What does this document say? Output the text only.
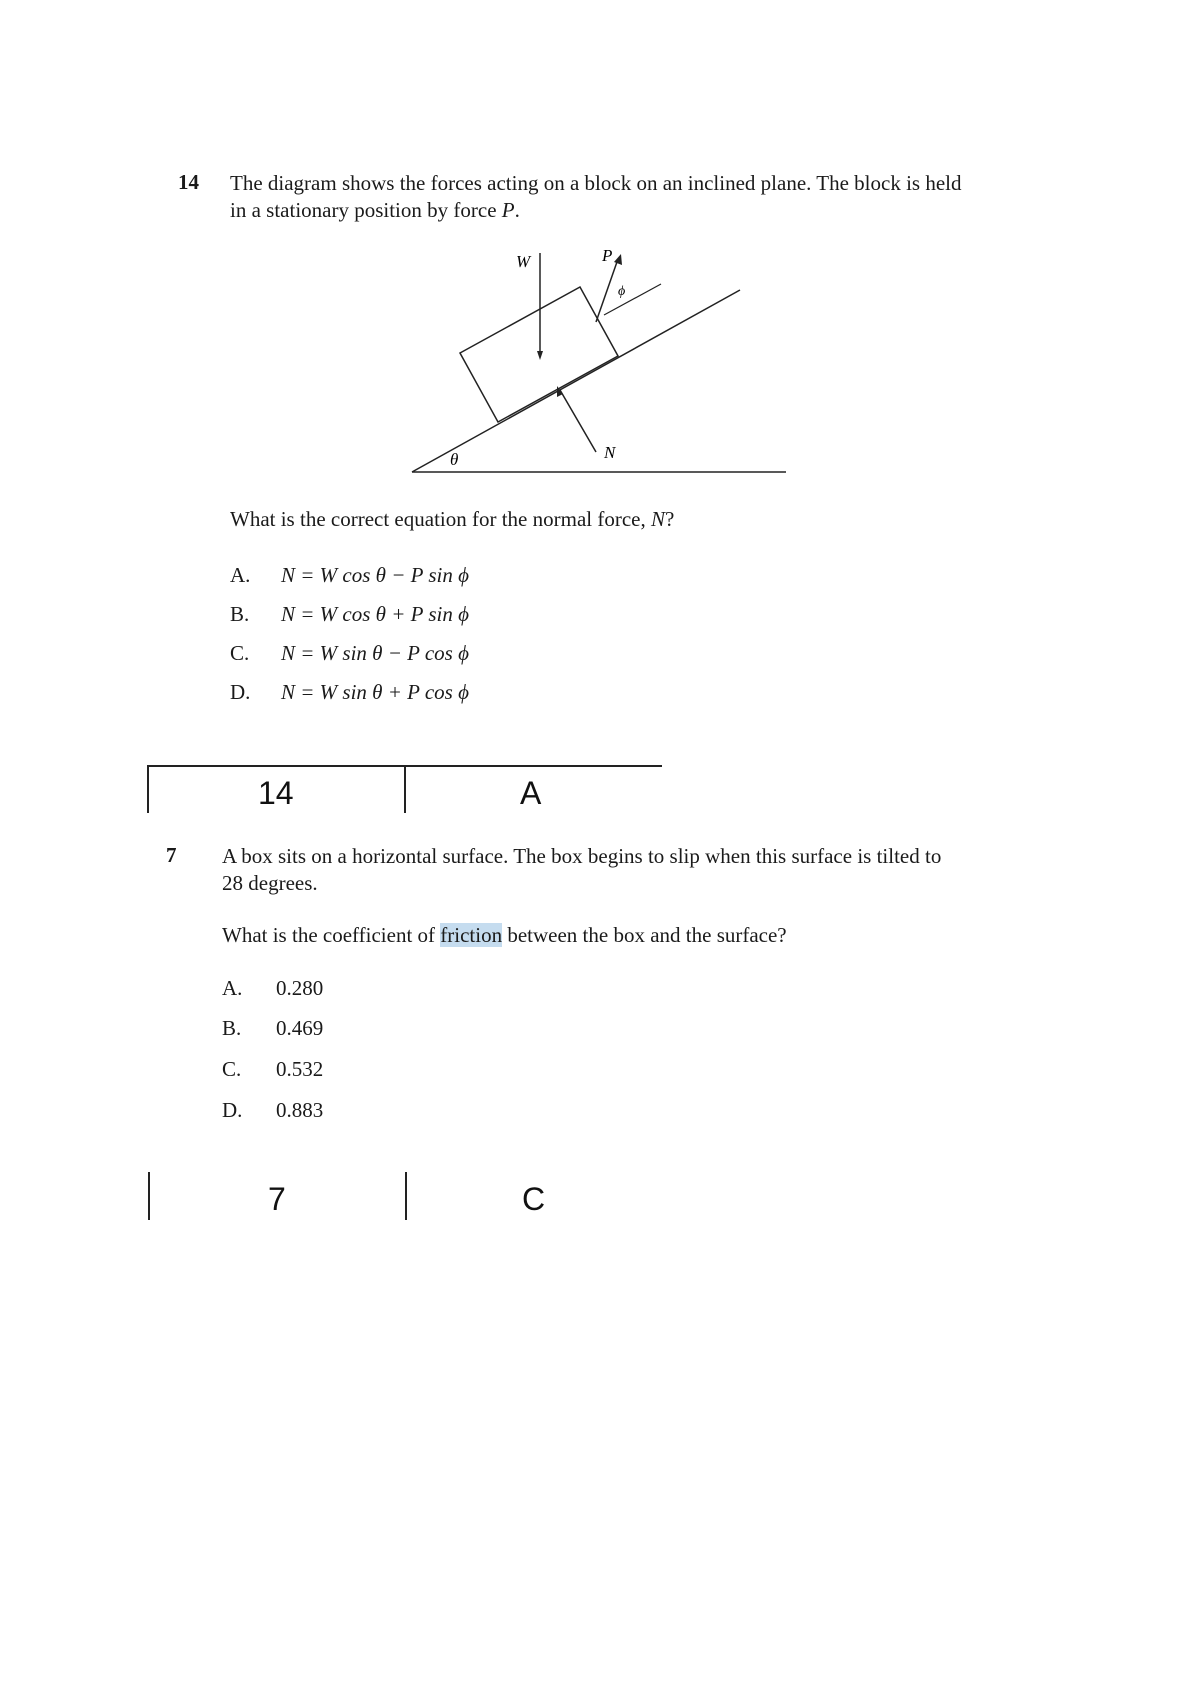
14 The diagram shows the forces acting on a block on an inclined plane. The block is held
in a stationary position by force P.
W	P
ϕ
θ	N
What is the correct equation for the normal force, N?
A. N = W cos θ − P sin ϕ
B. N = W cos θ + P sin ϕ
C. N = W sin θ − P cos ϕ
D. N = W sin θ + P cos ϕ
14	A
7 A box sits on a horizontal surface. The box begins to slip when this surface is tilted to
28 degrees.
What is the coefficient of friction between the box and the surface?
A. 0.280
B. 0.469
C. 0.532
D. 0.883
7	C
